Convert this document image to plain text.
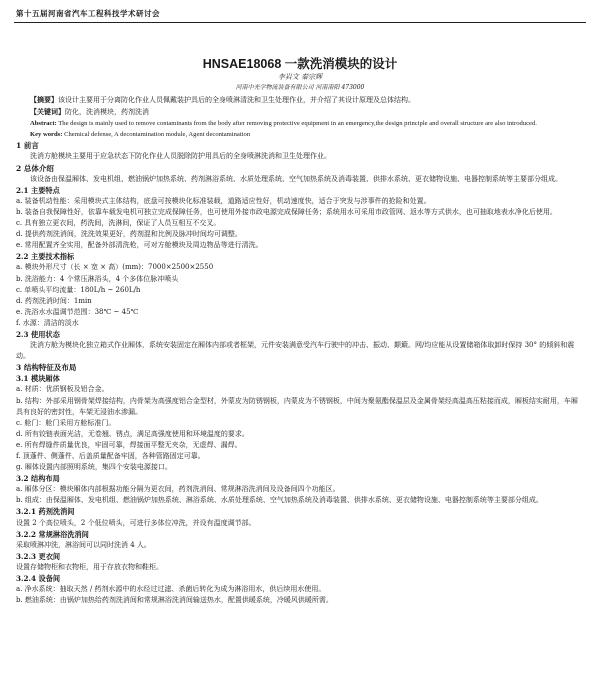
第十五届河南省汽车工程科技学术研讨会
HNSAE18068 一款洗消模块的设计
李岩文 秦宗辉
河南中光学物流装备有限公司 河南南阳 473000

【摘要】该设计主要用于分离防化作业人员佩戴装护具后的全身喷淋清洗和卫生处理作业，并介绍了其设计原理及总体结构。

【关键词】防化，洗消模块，药剂洗消

Abstract: The design is mainly used to remove contaminants from the body after removing protective equipment in an emergency,the design principle and overall structure are also introduced.

Key words: Chemical defense, A decontamination module, Agent decontamination

1 前言

洗消方舱模块主要用于应急状态下防化作业人员脱除防护用具后的全身喷淋洗消和卫生处理作业。

2 总体介绍

该设备由保温厢体、发电机组、燃油锅炉加热系统、药剂淋浴系统、水质处理系统、空气加热系统及消毒装置、供排水系统、更衣储物设施、电器控制系统等主要部分组成。

2.1 主要特点

a. 装备机动性能：采用模块式主体结构，底盘可按模块化标准装载，道路适应性好，机动速度快，适合于突发与涉事件的抢险和处置。

b. 装备自我保障性好，依靠车载发电机可独立完成保障任务，也可使用外接市政电源完成保障任务；系统用水可采用市政管网、返水等方式供水，也可抽取地表水净化后使用。

c. 具有独立更衣间，药洗间，洗淋间，保证了人员互相互不交叉。

d. 提供药剂洗消间，洗洗效果更好，药剂混和比例及脉冲时间均可调整。

e. 常用配置齐全实用，配备外部清洗枪，可对方舱模块及周边物品等进行清洗。

2.2 主要技术指标

a. 模块外形尺寸（长 × 宽 × 高）(mm)：7000×2500×2550

b. 洗浴能力：4 个常压淋浴头，4 个多体位脉冲喷头

c. 单喷头平均流量：180L/h ~ 260L/h

d. 药剂洗消时间：1min

e. 洗浴水水温调节范围：38℃ ~ 45℃

f. 水源：清洁的淡水

2.3 使用状态

洗消方舱为模块化独立箱式作业厢体，系统安装固定在厢体内部或者框架，元件安装满意受汽车行驶中的冲击、振动、颠簸。网/均应能从设置储箱体取卸时保持 30° 的倾斜和震动。

3 结构特征及布局

3.1 模块厢体

a. 材质：优质钢板及铝合金。

b. 结构：外部采用钢骨架焊接结构，内骨架为高强度铝合金型材，外蒙皮为防锈钢板，内蒙皮为不锈钢板，中间为聚氨酯保温层及金属骨架经高温高压粘接而成，厢板结实耐用，车厢具有良好的密封性，车架无浸油水渗漏。

c. 舱门：舱门采用方舱标准门。

d. 所有铰链表面光洁，无卷翘、锈点，满足高强度使用和环境温度的要求。

e. 所有焊缝件质量优良，牢固可靠，焊接面平整无夹杂，无虚焊、漏焊。

f. 顶蓬件、侧蓬件、后盖质量配备牢固，各种管路固定可靠。

g. 厢体设置内部照明系统，集四个安装电源接口。

3.2 结构布局

a. 厢体分区：模块厢体内部根据功能分隔为更衣间，药剂洗消间、常规淋浴洗消间及设备间四个功能区。

b. 组成：由保温厢体、发电机组、燃油锅炉加热系统、淋浴系统、水质处理系统、空气加热系统及消毒装置、供排水系统、更衣储物设施、电器控制系统等主要部分组成。

3.2.1 药剂洗消间

设置 2 个高位喷头，2 个低位喷头，可进行多体位冲洗，并设有温度调节部。

3.2.2 常规淋浴洗消间

采取喷淋冲洗，淋浴间可以同时洗消 4 人。

3.2.3 更衣间

设置存储物柜和衣物柜，用于存放衣物和鞋柜。

3.2.4 设备间

a. 净水系统：抽取天然 / 药剂水源中的水经过过滤、杀菌后转化为成为淋浴用水，供后续用水使用。

b. 燃油系统：由锅炉加热给药剂洗消间和常规淋浴洗消间输送热水，配置供暖系统，冷暖风供暖所需。
